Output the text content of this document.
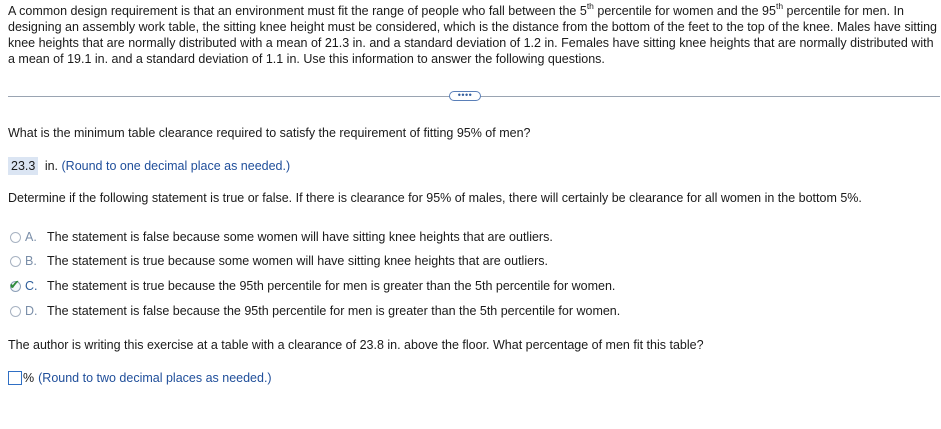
A common design requirement is that an environment must fit the range of people who fall between the 5th percentile for women and the 95th percentile for men. In designing an assembly work table, the sitting knee height must be considered, which is the distance from the bottom of the feet to the top of the knee. Males have sitting knee heights that are normally distributed with a mean of 21.3 in. and a standard deviation of 1.2 in. Females have sitting knee heights that are normally distributed with a mean of 19.1 in. and a standard deviation of 1.1 in. Use this information to answer the following questions.

••••

What is the minimum table clearance required to satisfy the requirement of fitting 95% of men?

23.3 in. (Round to one decimal place as needed.)

Determine if the following statement is true or false. If there is clearance for 95% of males, there will certainly be clearance for all women in the bottom 5%.

A. The statement is false because some women will have sitting knee heights that are outliers.
B. The statement is true because some women will have sitting knee heights that are outliers.
✔ C. The statement is true because the 95th percentile for men is greater than the 5th percentile for women.
D. The statement is false because the 95th percentile for men is greater than the 5th percentile for women.

The author is writing this exercise at a table with a clearance of 23.8 in. above the floor. What percentage of men fit this table?

% (Round to two decimal places as needed.)
